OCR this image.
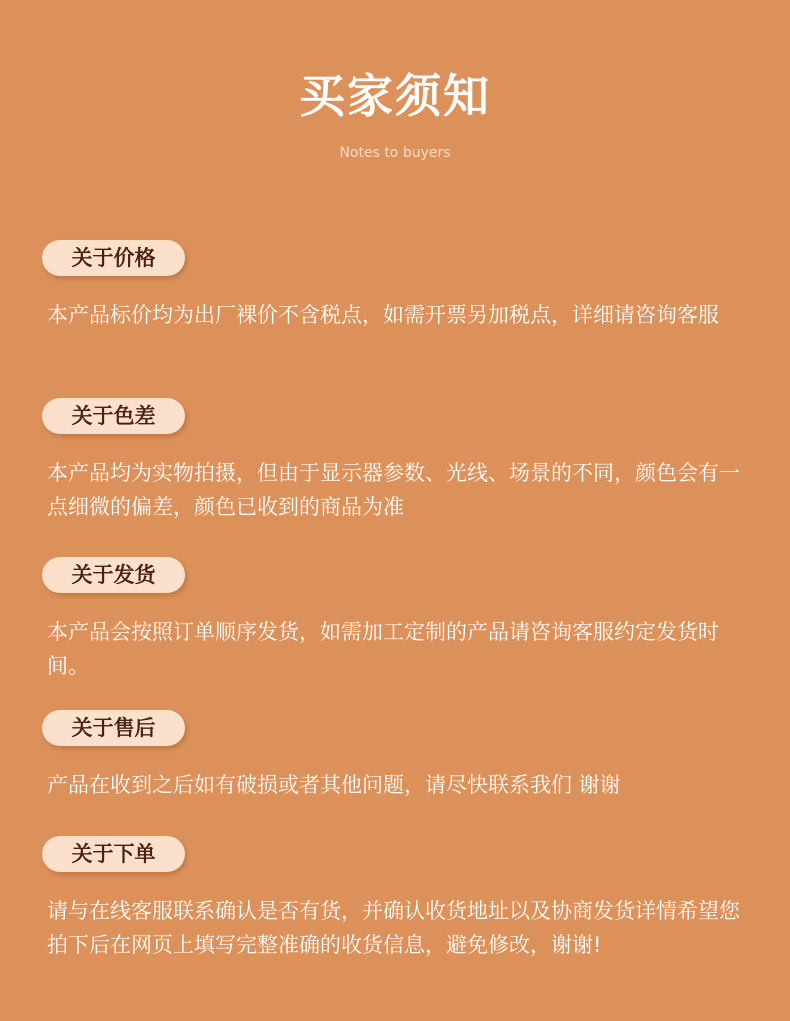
买家须知
Notes to buyers
关于价格
本产品标价均为出厂裸价不含税点，如需开票另加税点，详细请咨询客服
关于色差
本产品均为实物拍摄，但由于显示器参数、光线、场景的不同，颜色会有一点细微的偏差，颜色已收到的商品为准
关于发货
本产品会按照订单顺序发货，如需加工定制的产品请咨询客服约定发货时间。
关于售后
产品在收到之后如有破损或者其他问题，请尽快联系我们 谢谢
关于下单
请与在线客服联系确认是否有货，并确认收货地址以及协商发货详情希望您拍下后在网页上填写完整准确的收货信息，避免修改，谢谢!
